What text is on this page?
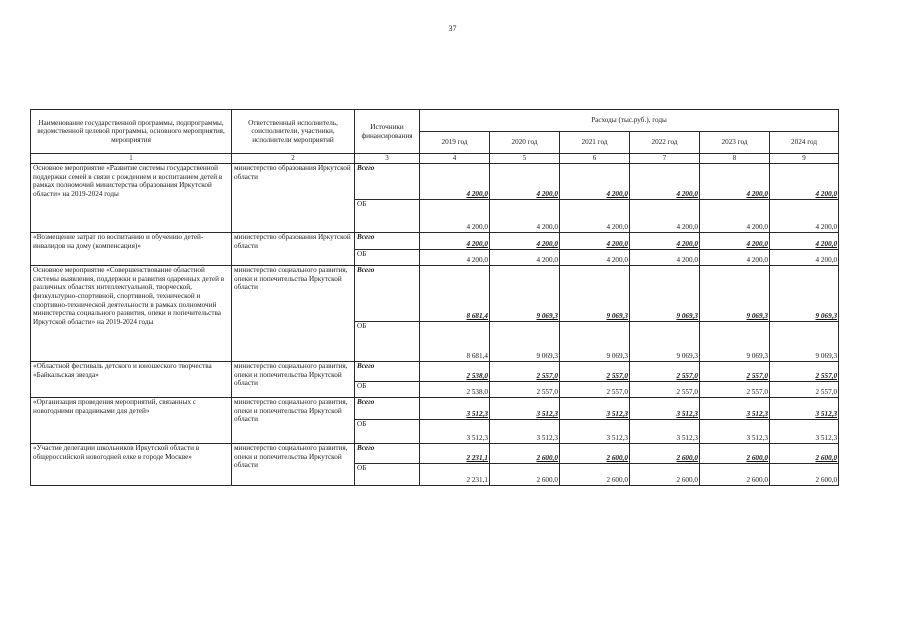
37
Наименование государственной программы, подпрограммы, ведомственной целевой программы, основного мероприятия, мероприятия	Ответственный исполнитель, соисполнители, участники, исполнители мероприятий	Источники финансирования	Расходы (тыс.руб.), годы					
			2019 год	2020 год	2021 год	2022 год	2023 год	2024 год
1	2	3	4	5	6	7	8	9
Основное мероприятие «Развитие системы государственной поддержки семей в связи с рождением и воспитанием детей в рамках полномочий министерства образования Иркутской области» на 2019-2024 годы	министерство образования Иркутской области	Всего	4 200,0	4 200,0	4 200,0	4 200,0	4 200,0	4 200,0
		ОБ	4 200,0	4 200,0	4 200,0	4 200,0	4 200,0	4 200,0
«Возмещение затрат по воспитанию и обучению детей-инвалидов на дому (компенсация)»	министерство образования Иркутской области	Всего	4 200,0	4 200,0	4 200,0	4 200,0	4 200,0	4 200,0
		ОБ	4 200,0	4 200,0	4 200,0	4 200,0	4 200,0	4 200,0
Основное мероприятие «Совершенствование областной системы выявления, поддержки и развития одаренных детей в различных областях интеллектуальной, творческой, физкультурно-спортивной, спортивной, технической и спортивно-технической деятельности в рамках полномочий министерства социального развития, опеки и попечительства Иркутской области» на 2019-2024 годы	министерство социального развития, опеки и попечительства Иркутской области	Всего	8 681,4	9 069,3	9 069,3	9 069,3	9 069,3	9 069,3
		ОБ	8 681,4	9 069,3	9 069,3	9 069,3	9 069,3	9 069,3
«Областной фестиваль детского и юношеского творчества «Байкальская звезда»	министерство социального развития, опеки и попечительства Иркутской области	Всего	2 538,0	2 557,0	2 557,0	2 557,0	2 557,0	2 557,0
		ОБ	2 538,0	2 557,0	2 557,0	2 557,0	2 557,0	2 557,0
«Организация проведения мероприятий, связанных с новогодними праздниками для детей»	министерство социального развития, опеки и попечительства Иркутской области	Всего	3 512,3	3 512,3	3 512,3	3 512,3	3 512,3	3 512,3
		ОБ	3 512,3	3 512,3	3 512,3	3 512,3	3 512,3	3 512,3
«Участие делегации школьников Иркутской области в общероссийской новогодней елке в городе Москве»	министерство социального развития, опеки и попечительства Иркутской области	Всего	2 231,1	2 600,0	2 600,0	2 600,0	2 600,0	2 600,0
		ОБ	2 231,1	2 600,0	2 600,0	2 600,0	2 600,0	2 600,0
